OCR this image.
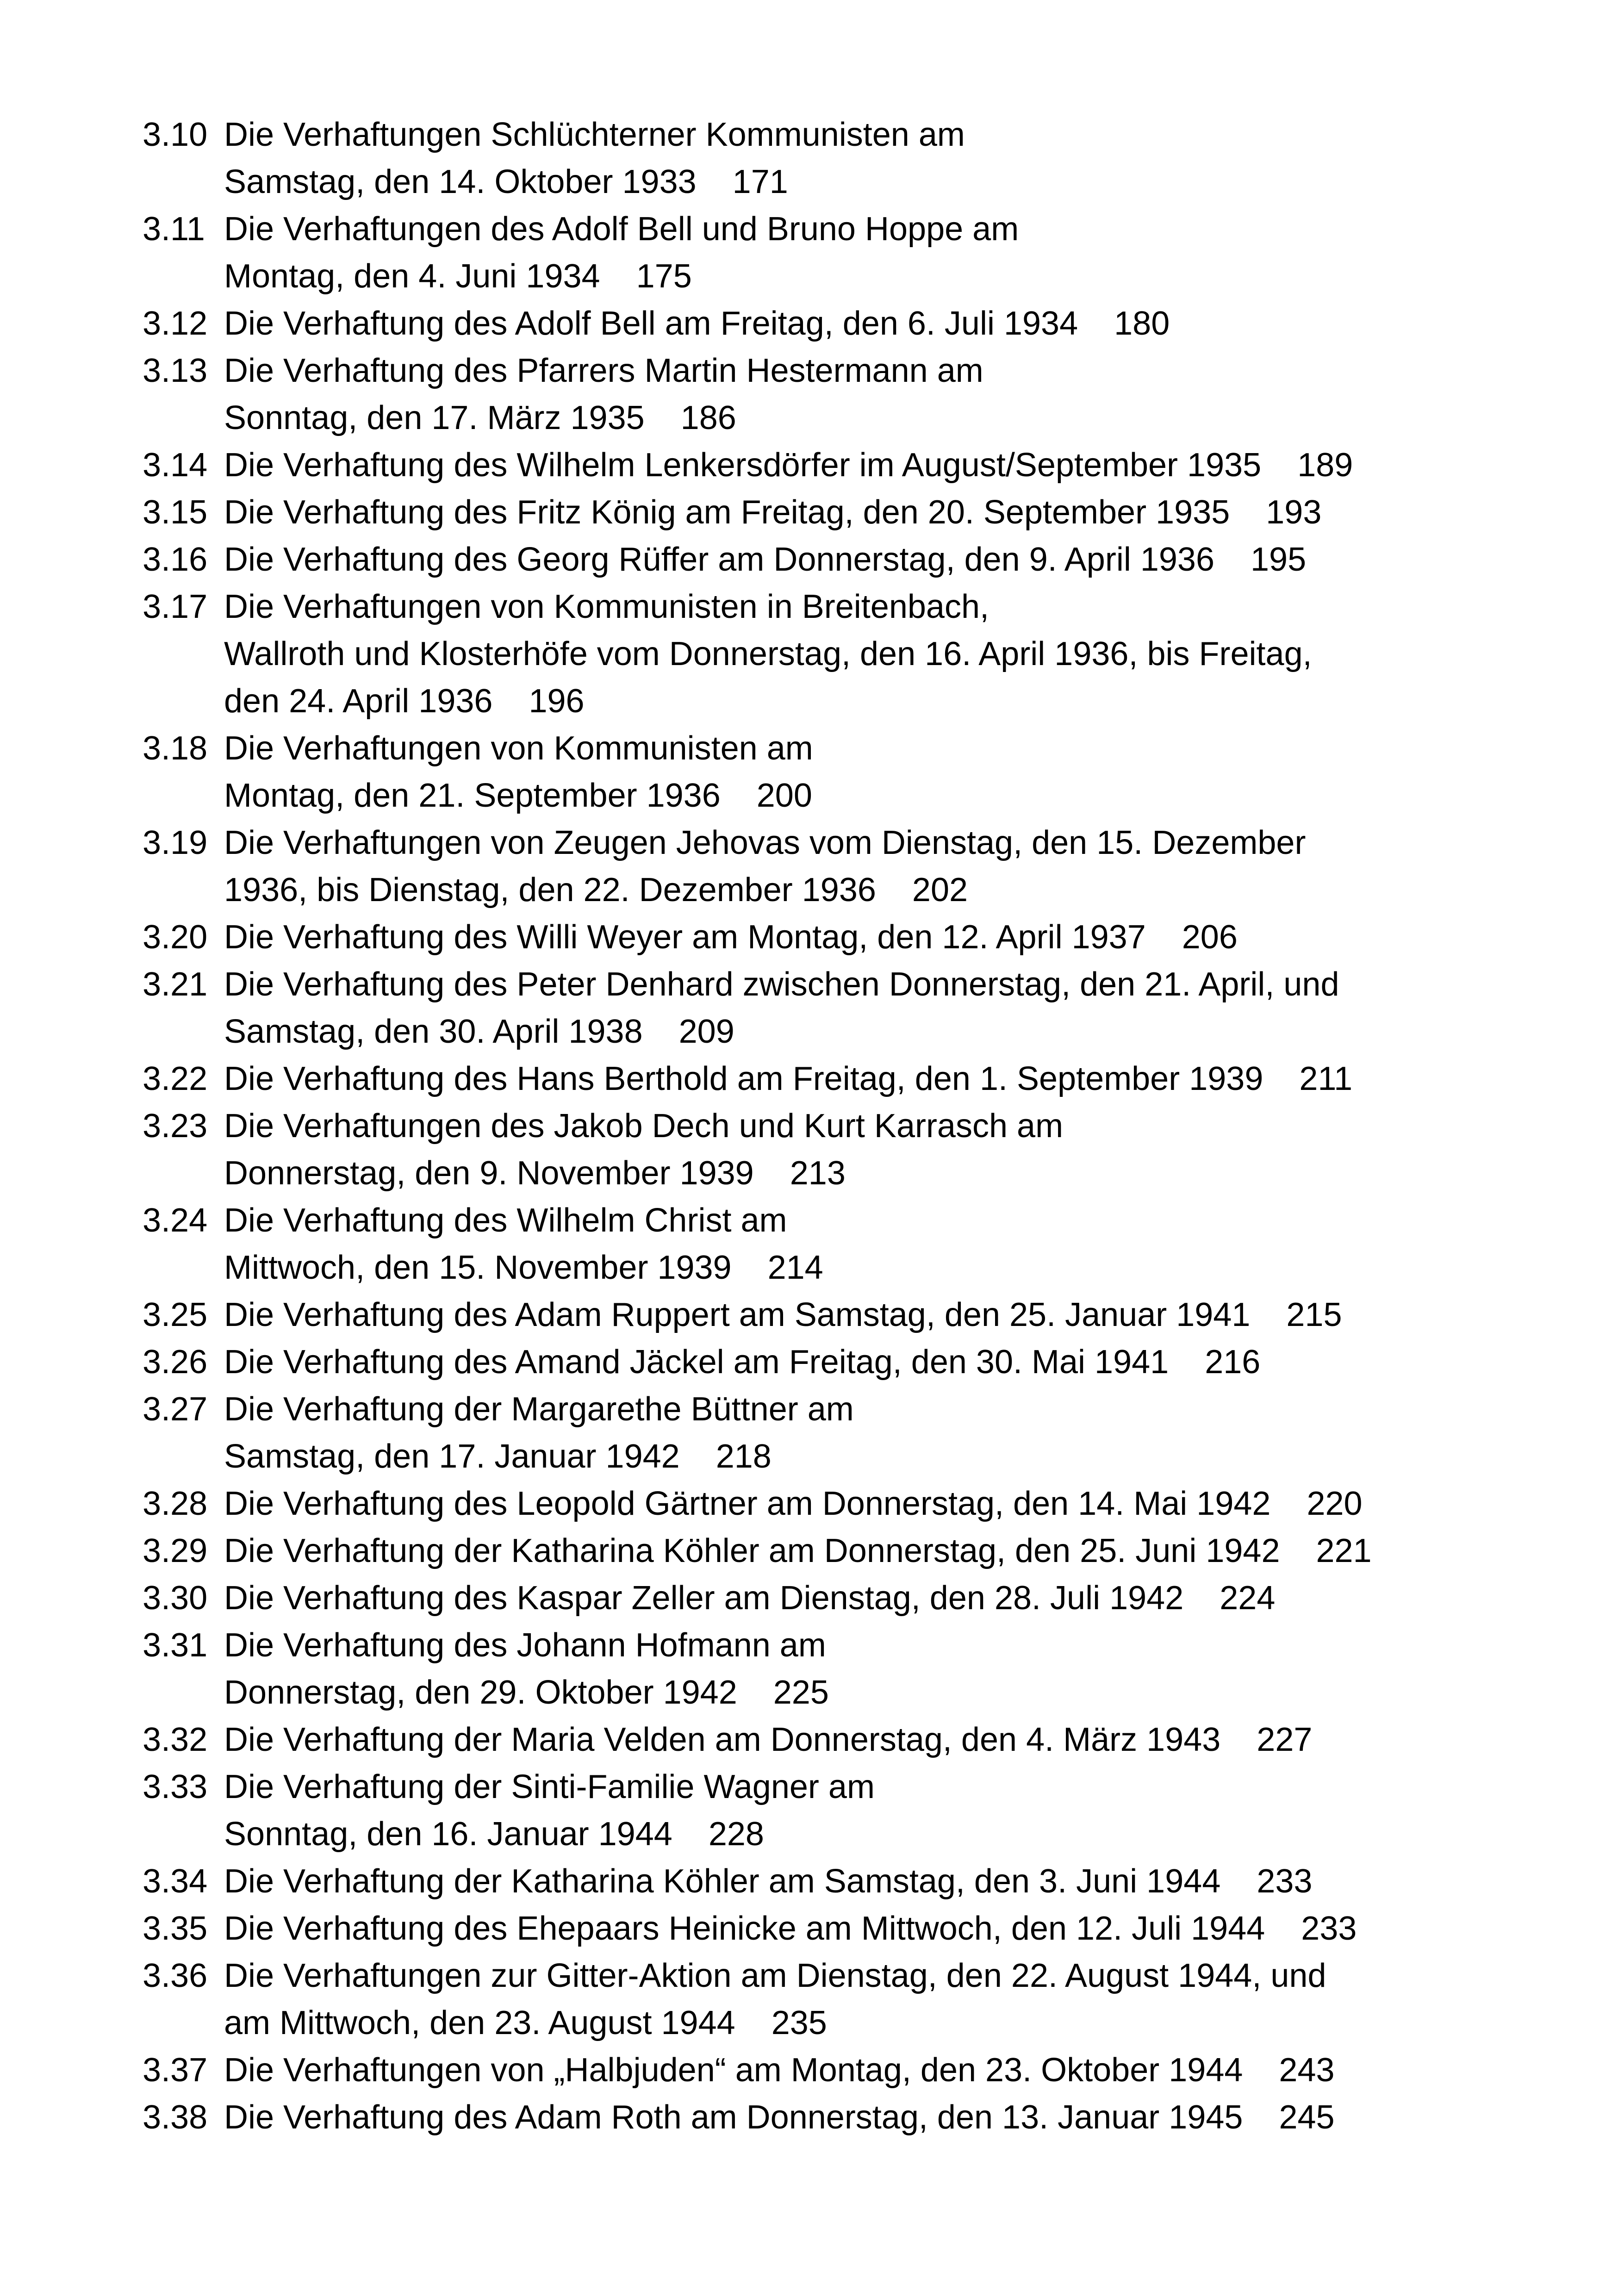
3.10 Die Verhaftungen Schlüchterner Kommunisten am
Samstag, den 14. Oktober 1933 171
3.11 Die Verhaftungen des Adolf Bell und Bruno Hoppe am
Montag, den 4. Juni 1934 175
3.12 Die Verhaftung des Adolf Bell am Freitag, den 6. Juli 1934 180
3.13 Die Verhaftung des Pfarrers Martin Hestermann am
Sonntag, den 17. März 1935 186
3.14 Die Verhaftung des Wilhelm Lenkersdörfer im August/September 1935 189
3.15 Die Verhaftung des Fritz König am Freitag, den 20. September 1935 193
3.16 Die Verhaftung des Georg Rüffer am Donnerstag, den 9. April 1936 195
3.17 Die Verhaftungen von Kommunisten in Breitenbach,
Wallroth und Klosterhöfe vom Donnerstag, den 16. April 1936, bis Freitag,
den 24. April 1936 196
3.18 Die Verhaftungen von Kommunisten am
Montag, den 21. September 1936 200
3.19 Die Verhaftungen von Zeugen Jehovas vom Dienstag, den 15. Dezember
1936, bis Dienstag, den 22. Dezember 1936 202
3.20 Die Verhaftung des Willi Weyer am Montag, den 12. April 1937 206
3.21 Die Verhaftung des Peter Denhard zwischen Donnerstag, den 21. April, und
Samstag, den 30. April 1938 209
3.22 Die Verhaftung des Hans Berthold am Freitag, den 1. September 1939 211
3.23 Die Verhaftungen des Jakob Dech und Kurt Karrasch am
Donnerstag, den 9. November 1939 213
3.24 Die Verhaftung des Wilhelm Christ am
Mittwoch, den 15. November 1939 214
3.25 Die Verhaftung des Adam Ruppert am Samstag, den 25. Januar 1941 215
3.26 Die Verhaftung des Amand Jäckel am Freitag, den 30. Mai 1941 216
3.27 Die Verhaftung der Margarethe Büttner am
Samstag, den 17. Januar 1942 218
3.28 Die Verhaftung des Leopold Gärtner am Donnerstag, den 14. Mai 1942 220
3.29 Die Verhaftung der Katharina Köhler am Donnerstag, den 25. Juni 1942 221
3.30 Die Verhaftung des Kaspar Zeller am Dienstag, den 28. Juli 1942 224
3.31 Die Verhaftung des Johann Hofmann am
Donnerstag, den 29. Oktober 1942 225
3.32 Die Verhaftung der Maria Velden am Donnerstag, den 4. März 1943 227
3.33 Die Verhaftung der Sinti-Familie Wagner am
Sonntag, den 16. Januar 1944 228
3.34 Die Verhaftung der Katharina Köhler am Samstag, den 3. Juni 1944 233
3.35 Die Verhaftung des Ehepaars Heinicke am Mittwoch, den 12. Juli 1944 233
3.36 Die Verhaftungen zur Gitter-Aktion am Dienstag, den 22. August 1944, und
am Mittwoch, den 23. August 1944 235
3.37 Die Verhaftungen von „Halbjuden“ am Montag, den 23. Oktober 1944 243
3.38 Die Verhaftung des Adam Roth am Donnerstag, den 13. Januar 1945 245
